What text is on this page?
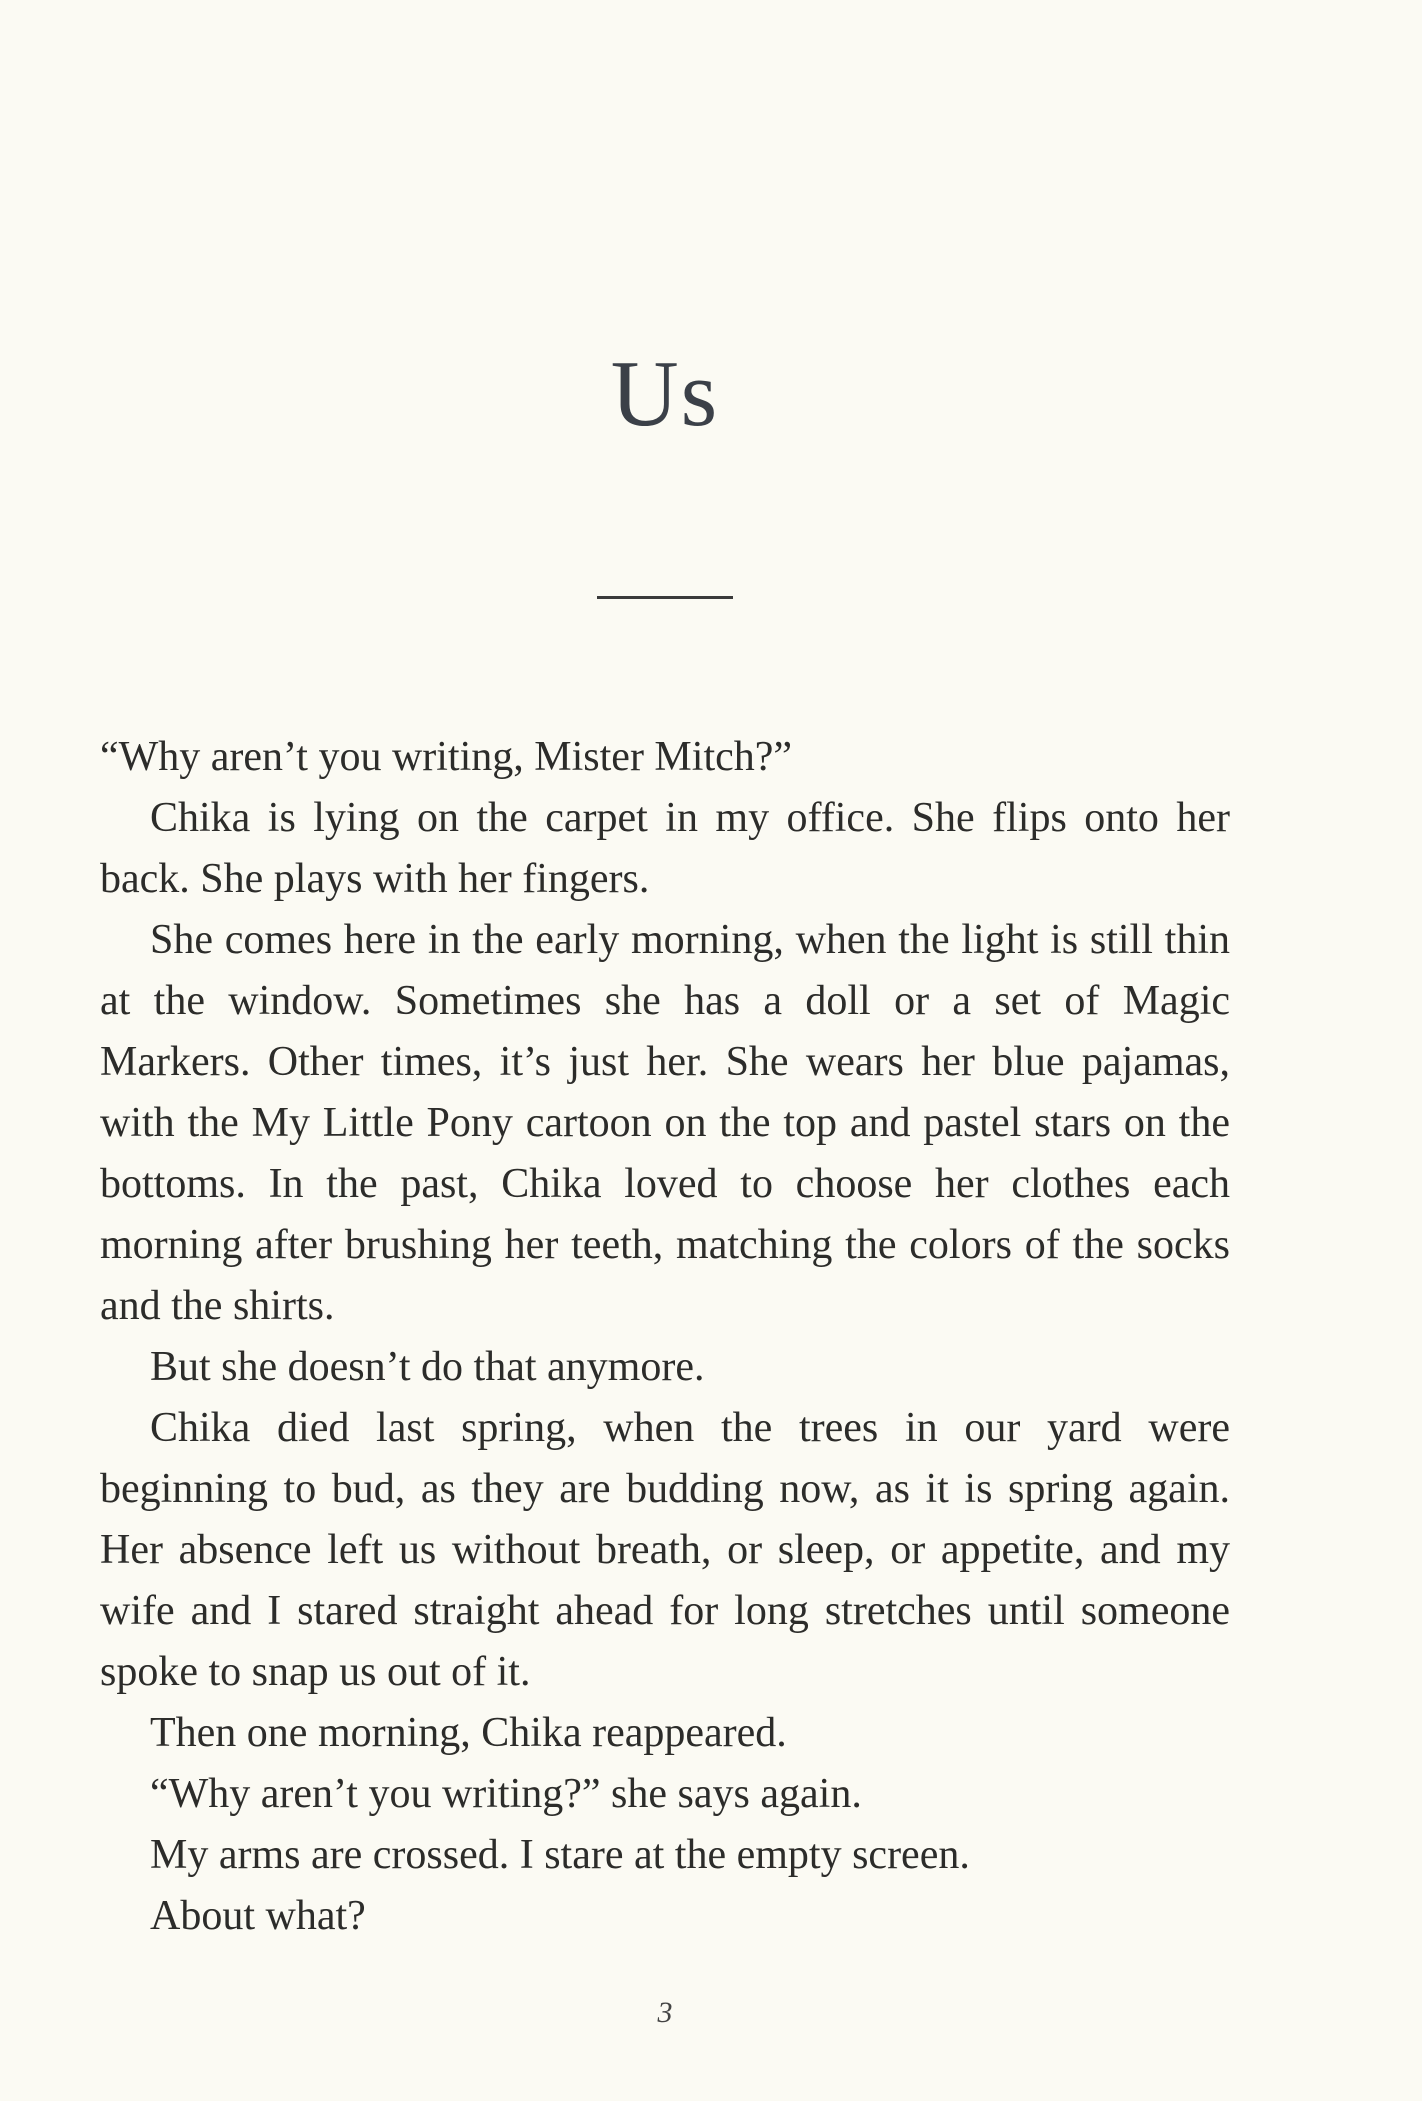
Us

“Why aren’t you writing, Mister Mitch?”

Chika is lying on the carpet in my office. She flips onto her back. She plays with her fingers.

She comes here in the early morning, when the light is still thin at the window. Sometimes she has a doll or a set of Magic Markers. Other times, it’s just her. She wears her blue pajamas, with the My Little Pony cartoon on the top and pastel stars on the bottoms. In the past, Chika loved to choose her clothes each morning after brushing her teeth, matching the colors of the socks and the shirts.

But she doesn’t do that anymore.

Chika died last spring, when the trees in our yard were beginning to bud, as they are budding now, as it is spring again. Her absence left us without breath, or sleep, or appetite, and my wife and I stared straight ahead for long stretches until someone spoke to snap us out of it.

Then one morning, Chika reappeared.

“Why aren’t you writing?” she says again.

My arms are crossed. I stare at the empty screen.

About what?

3
